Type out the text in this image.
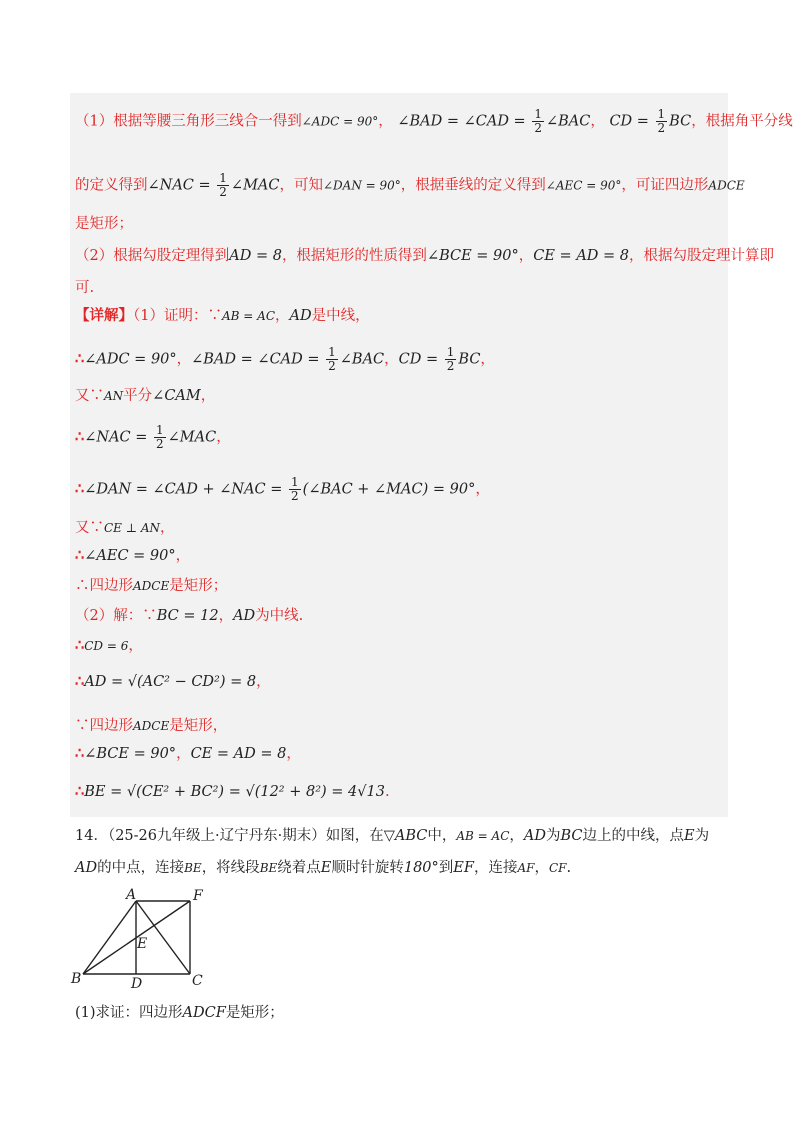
（1）根据等腰三角形三线合一得到∠ADC = 90°， ∠BAD = ∠CAD = $\frac{1}{2}$ ∠BAC， CD = $\frac{1}{2}$ BC，根据角平分线
的定义得到∠NAC = $\frac{1}{2}$ ∠MAC，可知∠DAN = 90°，根据垂线的定义得到∠AEC = 90°，可证四边形ADCE
是矩形；
（2）根据勾股定理得到AD = 8，根据矩形的性质得到∠BCE = 90°，CE = AD = 8，根据勾股定理计算即
可.
【详解】（1）证明：∵AB = AC，AD是中线，
∴∠ADC = 90°，∠BAD = ∠CAD = $\frac{1}{2}$ ∠BAC，CD = $\frac{1}{2}$ BC，
又∵AN平分∠CAM，
∴∠NAC = $\frac{1}{2}$ ∠MAC，
∴∠DAN = ∠CAD + ∠NAC = $\frac{1}{2}$ (∠BAC + ∠MAC) = 90°，
又∵CE ⊥ AN，
∴∠AEC = 90°，
∴四边形ADCE是矩形；
（2）解：∵BC = 12，AD为中线.
∴CD = 6，
∴AD = √(AC² − CD²) = 8，
∵四边形ADCE是矩形，
∴∠BCE = 90°，CE = AD = 8，
∴BE = √(CE² + BC²) = √(12² + 8²) = 4√13.
14．（25-26九年级上·辽宁丹东·期末）如图，在▽ABC中，AB = AC，AD为BC边上的中线，点E为
AD的中点，连接BE，将线段BE绕着点E顺时针旋转180°到EF，连接AF，CF.
A	F
E
B	D	C
(1)求证：四边形ADCF是矩形；
